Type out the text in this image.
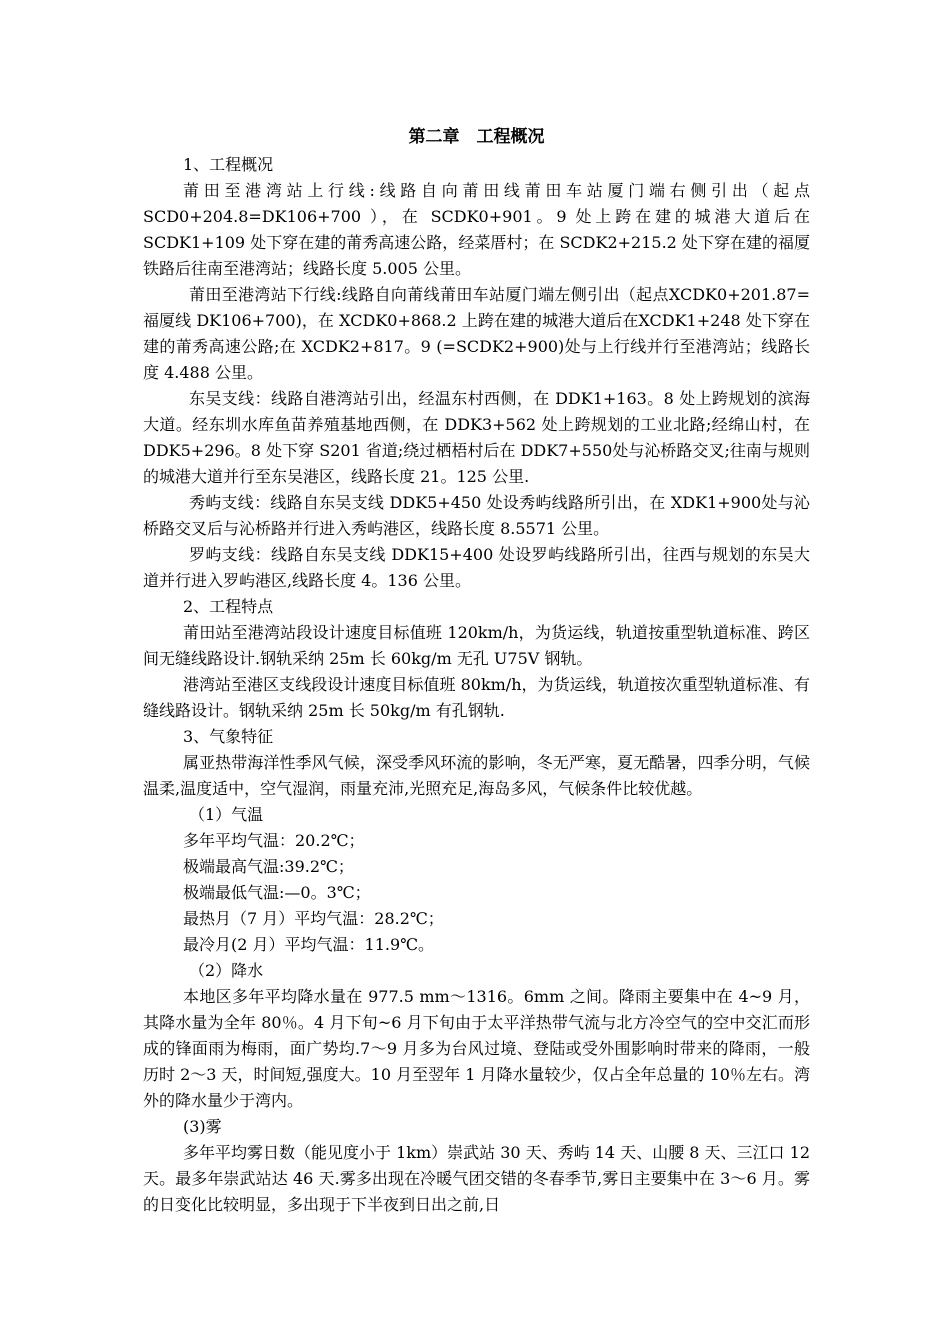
第二章　工程概况

1、工程概况

莆田至港湾站上行线:线路自向莆田线莆田车站厦门端右侧引出（起点SCD0+204.8=DK106+700 ），在 SCDK0+901。9 处上跨在建的城港大道后在SCDK1+109 处下穿在建的莆秀高速公路，经菜厝村；在 SCDK2+215.2 处下穿在建的福厦铁路后往南至港湾站；线路长度 5.005 公里。

莆田至港湾站下行线:线路自向莆线莆田车站厦门端左侧引出（起点XCDK0+201.87=福厦线 DK106+700)，在 XCDK0+868.2 上跨在建的城港大道后在XCDK1+248 处下穿在建的莆秀高速公路;在 XCDK2+817。9 (=SCDK2+900)处与上行线并行至港湾站；线路长度 4.488 公里。

东吴支线：线路自港湾站引出，经温东村西侧，在 DDK1+163。8 处上跨规划的滨海大道。经东圳水库鱼苗养殖基地西侧，在 DDK3+562 处上跨规划的工业北路;经绵山村，在 DDK5+296。8 处下穿 S201 省道;绕过栖梧村后在 DDK7+550处与沁桥路交叉;往南与规则的城港大道并行至东吴港区，线路长度 21。125 公里.

秀屿支线：线路自东吴支线 DDK5+450 处设秀屿线路所引出，在 XDK1+900处与沁桥路交叉后与沁桥路并行进入秀屿港区，线路长度 8.5571 公里。

罗屿支线：线路自东吴支线 DDK15+400 处设罗屿线路所引出，往西与规划的东吴大道并行进入罗屿港区,线路长度 4。136 公里。

2、工程特点

莆田站至港湾站段设计速度目标值班 120km/h，为货运线，轨道按重型轨道标准、跨区间无缝线路设计.钢轨采纳 25m 长 60kg/m 无孔 U75V 钢轨。

港湾站至港区支线段设计速度目标值班 80km/h，为货运线，轨道按次重型轨道标准、有缝线路设计。钢轨采纳 25m 长 50kg/m 有孔钢轨.

3、气象特征

属亚热带海洋性季风气候，深受季风环流的影响，冬无严寒，夏无酷暑，四季分明，气候温柔,温度适中，空气湿润，雨量充沛,光照充足,海岛多风，气候条件比较优越。

（1）气温

多年平均气温：20.2℃；

极端最高气温:39.2℃；

极端最低气温:—0。3℃；

最热月（7 月）平均气温：28.2℃；

最冷月(2 月）平均气温：11.9℃。

（2）降水

本地区多年平均降水量在 977.5 mm～1316。6mm 之间。降雨主要集中在 4~9 月，其降水量为全年 80％。4 月下旬~6 月下旬由于太平洋热带气流与北方冷空气的空中交汇而形成的锋面雨为梅雨，面广势均.7～9 月多为台风过境、登陆或受外围影响时带来的降雨，一般历时 2～3 天，时间短,强度大。10 月至翌年 1 月降水量较少，仅占全年总量的 10％左右。湾外的降水量少于湾内。

(3)雾

多年平均雾日数（能见度小于 1km）崇武站 30 天、秀屿 14 天、山腰 8 天、三江口 12 天。最多年崇武站达 46 天.雾多出现在冷暖气团交错的冬春季节,雾日主要集中在 3～6 月。雾的日变化比较明显，多出现于下半夜到日出之前,日
